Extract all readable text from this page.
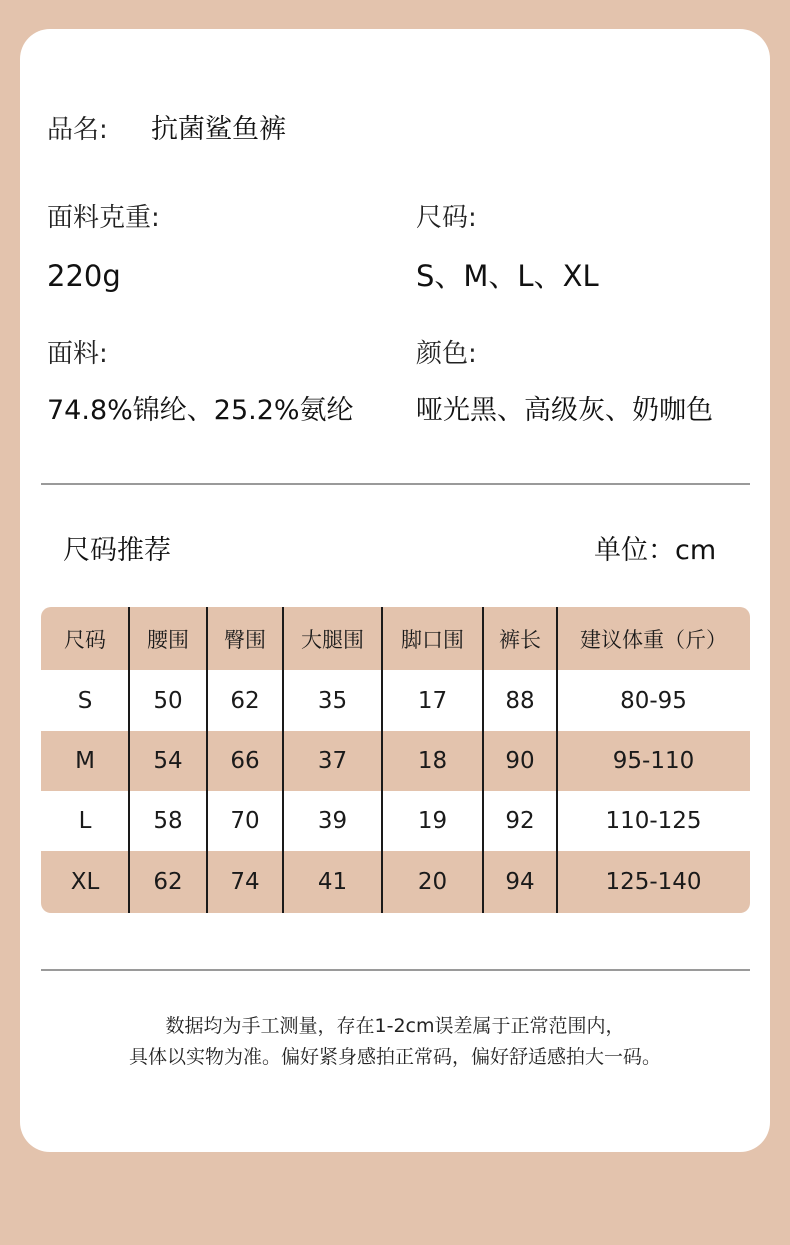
品名: 抗菌鲨鱼裤
面料克重:
220g
尺码:
S、M、L、XL
面料:
74.8%锦纶、25.2%氨纶
颜色:
哑光黑、高级灰、奶咖色
尺码推荐	单位：cm
尺码	腰围	臀围	大腿围	脚口围	裤长	建议体重（斤）
S	50	62	35	17	88	80-95
M	54	66	37	18	90	95-110
L	58	70	39	19	92	110-125
XL	62	74	41	20	94	125-140
数据均为手工测量，存在1-2cm误差属于正常范围内，
具体以实物为准。偏好紧身感拍正常码，偏好舒适感拍大一码。
